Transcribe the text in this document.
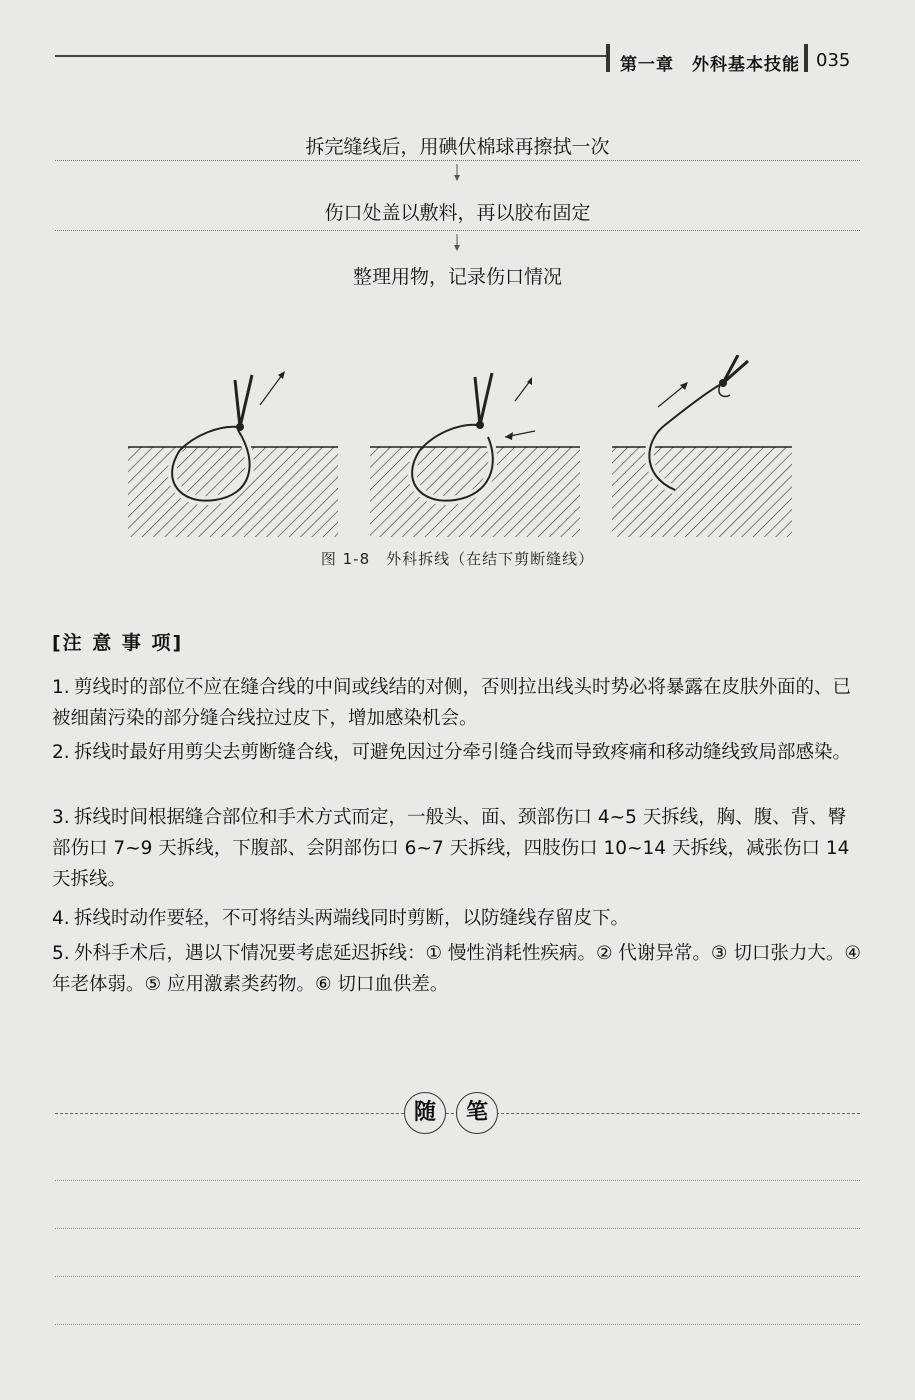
第一章　外科基本技能 035
拆完缝线后，用碘伏棉球再擦拭一次
伤口处盖以敷料，再以胶布固定
整理用物，记录伤口情况
图 1-8　外科拆线（在结下剪断缝线）
[注 意 事 项]
1. 剪线时的部位不应在缝合线的中间或线结的对侧，否则拉出线头时势必将暴露在皮肤外面的、已被细菌污染的部分缝合线拉过皮下，增加感染机会。
2. 拆线时最好用剪尖去剪断缝合线，可避免因过分牵引缝合线而导致疼痛和移动缝线致局部感染。
3. 拆线时间根据缝合部位和手术方式而定，一般头、面、颈部伤口 4~5 天拆线，胸、腹、背、臀部伤口 7~9 天拆线，下腹部、会阴部伤口 6~7 天拆线，四肢伤口 10~14 天拆线，减张伤口 14 天拆线。
4. 拆线时动作要轻，不可将结头两端线同时剪断，以防缝线存留皮下。
5. 外科手术后，遇以下情况要考虑延迟拆线：① 慢性消耗性疾病。② 代谢异常。③ 切口张力大。④ 年老体弱。⑤ 应用激素类药物。⑥ 切口血供差。
随	笔
